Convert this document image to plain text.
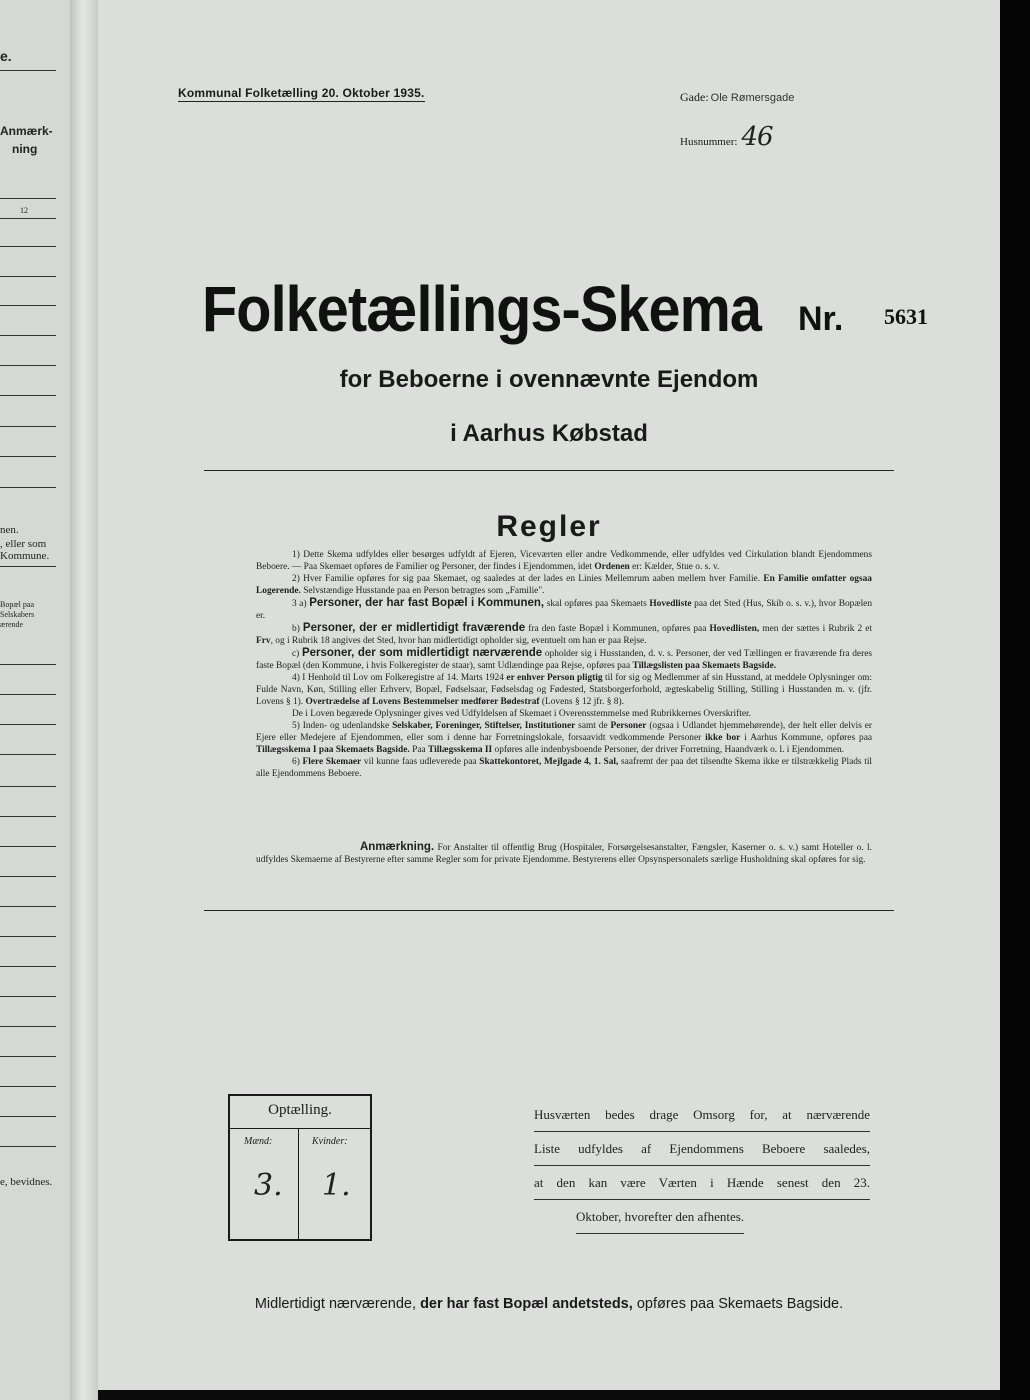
e.
Anmærk-
ning
12
nen.
, eller som
Kommune.
Bopæl paa
Selskabers
ærende
e, bevidnes.
Kommunal Folketælling 20. Oktober 1935.	Gade: Ole Rømersgade
Husnummer: 46
Folketællings-Skema Nr. 5631
for Beboerne i ovennævnte Ejendom
i Aarhus Købstad
Regler

1) Dette Skema udfyldes eller besørges udfyldt af Ejeren, Viceværten eller andre Vedkommende, eller udfyldes ved Cirkulation blandt Ejendommens Beboere. — Paa Skemaet opføres de Familier og Personer, der findes i Ejendommen, idet Ordenen er: Kælder, Stue o. s. v.

2) Hver Familie opføres for sig paa Skemaet, og saaledes at der lades en Linies Mellemrum aaben mellem hver Familie. En Familie omfatter ogsaa Logerende. Selvstændige Husstande paa en Person betragtes som „Familie".

3 a) Personer, der har fast Bopæl i Kommunen, skal opføres paa Skemaets Hovedliste paa det Sted (Hus, Skib o. s. v.), hvor Bopælen er.

b) Personer, der er midlertidigt fraværende fra den faste Bopæl i Kommunen, opføres paa Hovedlisten, men der sættes i Rubrik 2 et Frv, og i Rubrik 18 angives det Sted, hvor han midlertidigt opholder sig, eventuelt om han er paa Rejse.

c) Personer, der som midlertidigt nærværende opholder sig i Husstanden, d. v. s. Personer, der ved Tællingen er fraværende fra deres faste Bopæl (den Kommune, i hvis Folkeregister de staar), samt Udlændinge paa Rejse, opføres paa Tillægslisten paa Skemaets Bagside.

4) I Henhold til Lov om Folkeregistre af 14. Marts 1924 er enhver Person pligtig til for sig og Medlemmer af sin Husstand, at meddele Oplysninger om: Fulde Navn, Køn, Stilling eller Erhverv, Bopæl, Fødselsaar, Fødselsdag og Fødested, Statsborgerforhold, ægteskabelig Stilling, Stilling i Husstanden m. v. (jfr. Lovens § 1). Overtrædelse af Lovens Bestemmelser medfører Bødestraf (Lovens § 12 jfr. § 8).

De i Loven begærede Oplysninger gives ved Udfyldelsen af Skemaet i Overensstemmelse med Rubrikkernes Overskrifter.

5) Inden- og udenlandske Selskaber, Foreninger, Stiftelser, Institutioner samt de Personer (ogsaa i Udlandet hjemmehørende), der helt eller delvis er Ejere eller Medejere af Ejendommen, eller som i denne har Forretningslokale, forsaavidt vedkommende Personer ikke bor i Aarhus Kommune, opføres paa Tillægsskema I paa Skemaets Bagside. Paa Tillægsskema II opføres alle indenbysboende Personer, der driver Forretning, Haandværk o. l. i Ejendommen.

6) Flere Skemaer vil kunne faas udleverede paa Skattekontoret, Mejlgade 4, 1. Sal, saafremt der paa det tilsendte Skema ikke er tilstrækkelig Plads til alle Ejendommens Beboere.

Anmærkning. For Anstalter til offentlig Brug (Hospitaler, Forsørgelsesanstalter, Fængsler, Kaserner o. s. v.) samt Hoteller o. l. udfyldes Skemaerne af Bestyrerne efter samme Regler som for private Ejendomme. Bestyrerens eller Opsynspersonalets særlige Husholdning skal opføres for sig.

Optælling.
Mænd:	Kvinder:
3. 1.
Husværten bedes drage Omsorg for, at nærværende
Liste udfyldes af Ejendommens Beboere saaledes,
at den kan være Værten i Hænde senest den 23.
Oktober, hvorefter den afhentes.
Midlertidigt nærværende, der har fast Bopæl andetsteds, opføres paa Skemaets Bagside.
